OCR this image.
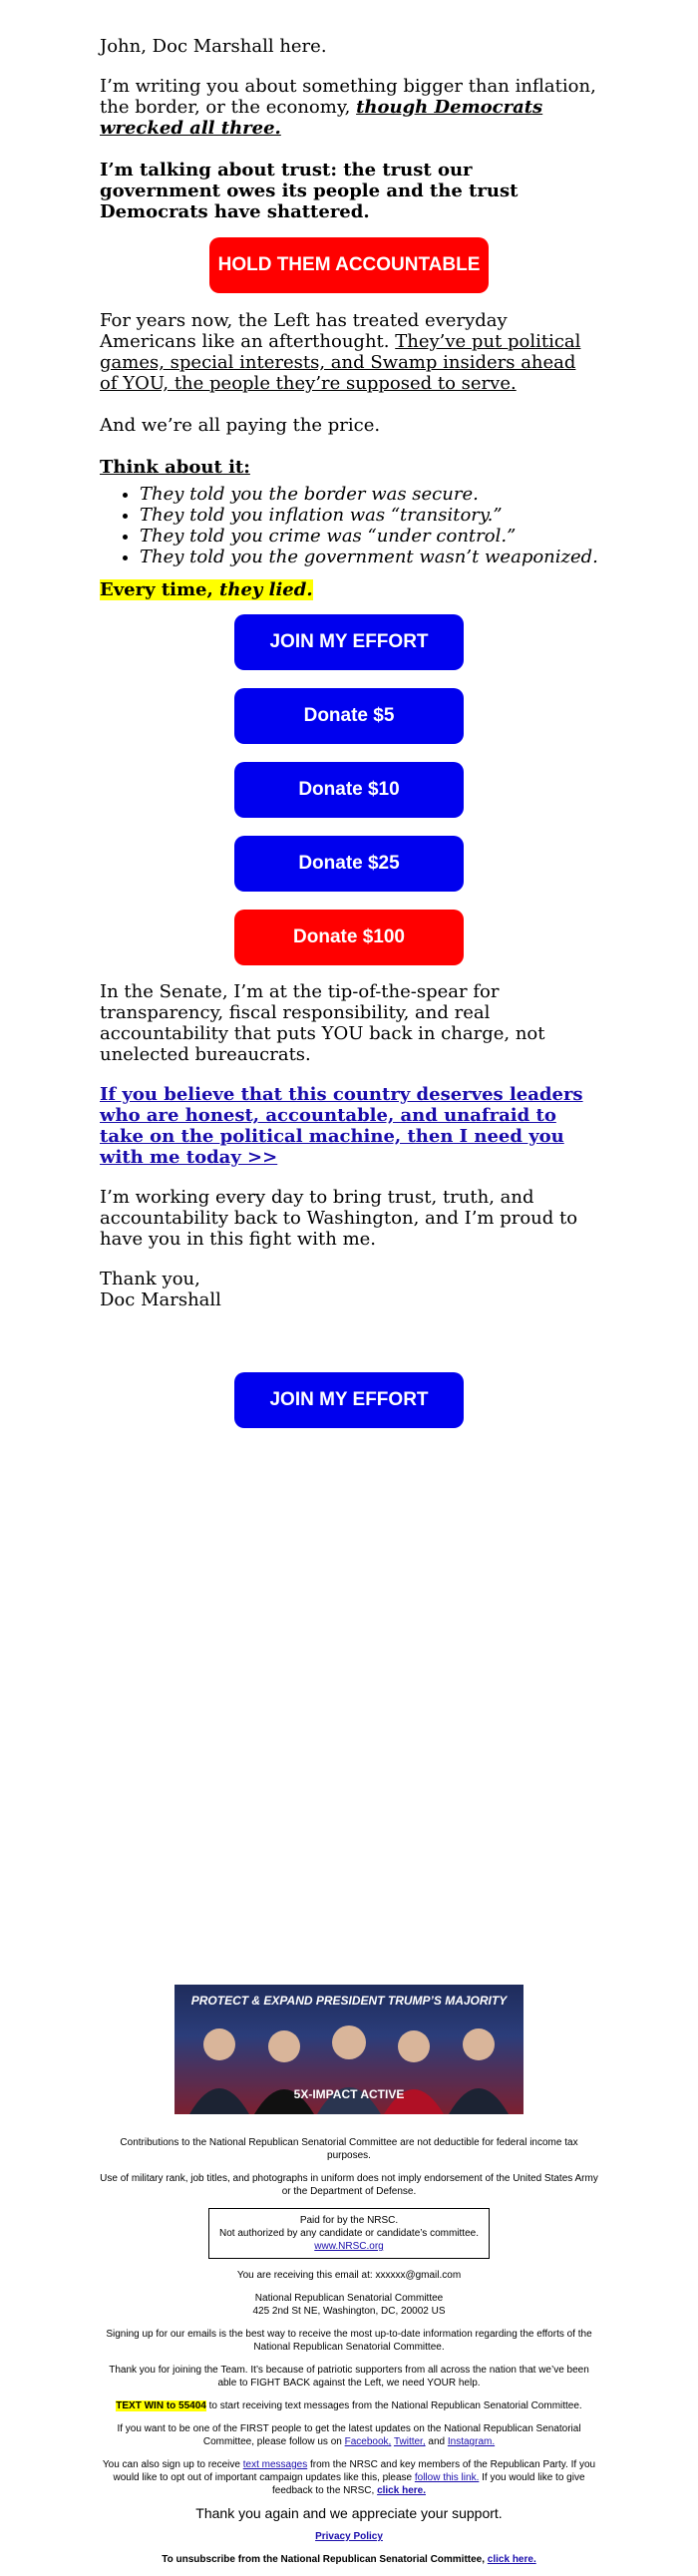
John, Doc Marshall here.

I’m writing you about something bigger than inflation, the border, or the economy, though Democrats wrecked all three.

I’m talking about trust: the trust our government owes its people and the trust Democrats have shattered.

HOLD THEM ACCOUNTABLE

For years now, the Left has treated everyday Americans like an afterthought. They’ve put political games, special interests, and Swamp insiders ahead of YOU, the people they’re supposed to serve.

And we’re all paying the price.

Think about it:

• They told you the border was secure.
• They told you inflation was “transitory.”
• They told you crime was “under control.”
• They told you the government wasn’t weaponized.

Every time, they lied.

JOIN MY EFFORT
Donate $5
Donate $10
Donate $25
Donate $100

In the Senate, I’m at the tip-of-the-spear for transparency, fiscal responsibility, and real accountability that puts YOU back in charge, not unelected bureaucrats.

If you believe that this country deserves leaders who are honest, accountable, and unafraid to take on the political machine, then I need you with me today >>

I’m working every day to bring trust, truth, and accountability back to Washington, and I’m proud to have you in this fight with me.

Thank you,

Doc Marshall

JOIN MY EFFORT
PROTECT & EXPAND PRESIDENT TRUMP’S MAJORITY
5X-IMPACT ACTIVE

Contributions to the National Republican Senatorial Committee are not deductible for federal income tax purposes.

Use of military rank, job titles, and photographs in uniform does not imply endorsement of the United States Army or the Department of Defense.

Paid for by the NRSC.
Not authorized by any candidate or candidate’s committee.
www.NRSC.org

You are receiving this email at: xxxxxx@gmail.com

National Republican Senatorial Committee
425 2nd St NE, Washington, DC, 20002 US

Signing up for our emails is the best way to receive the most up-to-date information regarding the efforts of the National Republican Senatorial Committee.

Thank you for joining the Team. It’s because of patriotic supporters from all across the nation that we’ve been able to FIGHT BACK against the Left, we need YOUR help.

TEXT WIN to 55404 to start receiving text messages from the National Republican Senatorial Committee.

If you want to be one of the FIRST people to get the latest updates on the National Republican Senatorial Committee, please follow us on Facebook, Twitter, and Instagram.

You can also sign up to receive text messages from the NRSC and key members of the Republican Party. If you would like to opt out of important campaign updates like this, please follow this link. If you would like to give feedback to the NRSC, click here.

Thank you again and we appreciate your support.

Privacy Policy

To unsubscribe from the National Republican Senatorial Committee, click here.
